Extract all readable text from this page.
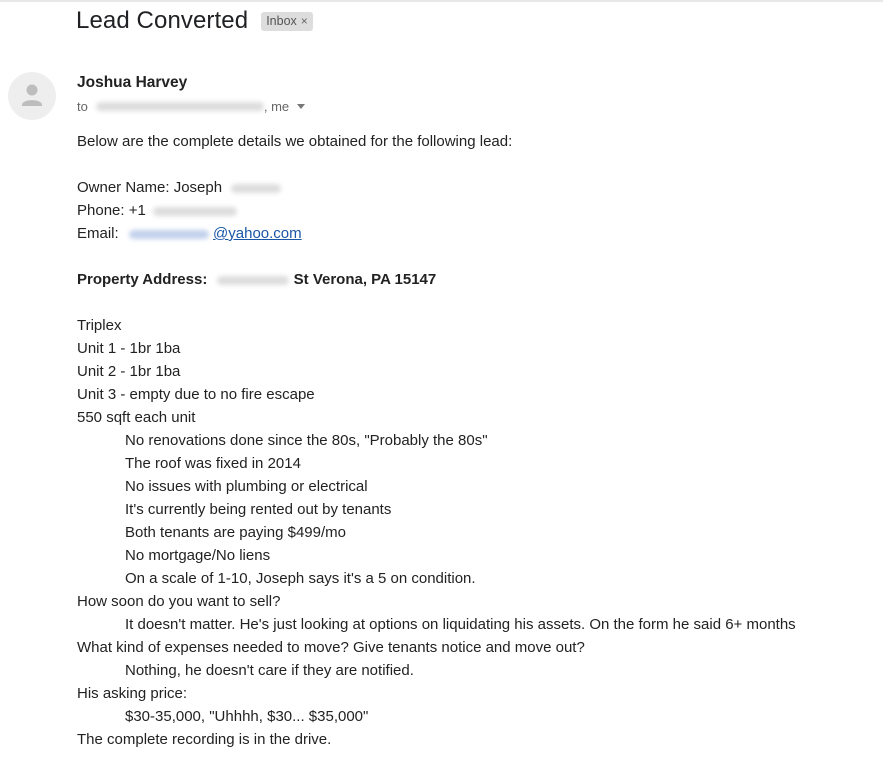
Lead Converted Inbox ×
Joshua Harvey
to	, me
Below are the complete details we obtained for the following lead:
Owner Name: Joseph
Phone: +1
Email:	@yahoo.com
Property Address:	St Verona, PA 15147
Triplex
Unit 1 - 1br 1ba
Unit 2 - 1br 1ba
Unit 3 - empty due to no fire escape
550 sqft each unit
No renovations done since the 80s, "Probably the 80s"
The roof was fixed in 2014
No issues with plumbing or electrical
It's currently being rented out by tenants
Both tenants are paying $499/mo
No mortgage/No liens
On a scale of 1-10, Joseph says it's a 5 on condition.
How soon do you want to sell?
It doesn't matter. He's just looking at options on liquidating his assets. On the form he said 6+ months
What kind of expenses needed to move? Give tenants notice and move out?
Nothing, he doesn't care if they are notified.
His asking price:
$30-35,000, "Uhhhh, $30... $35,000"
The complete recording is in the drive.
